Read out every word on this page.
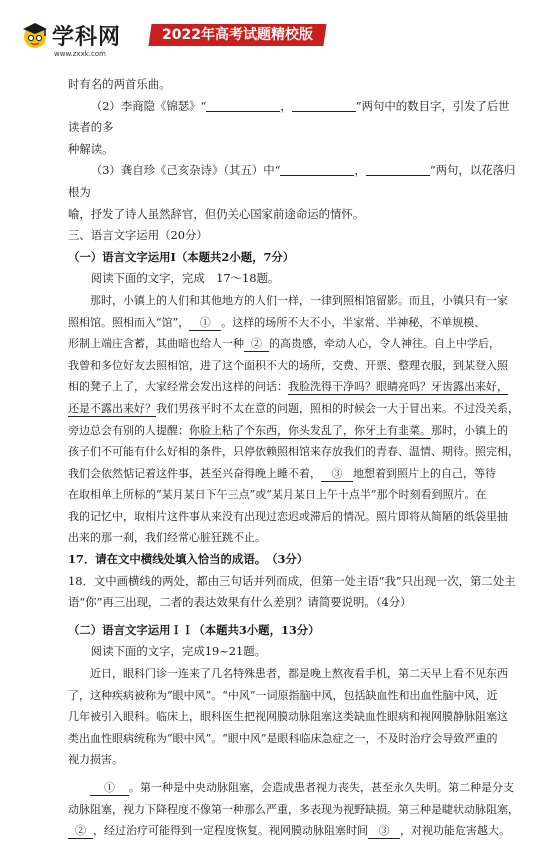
学科网
www.zxxk.com
2022年高考试题精校版

时有名的两首乐曲。

（2）李商隐《锦瑟》“	，	”两句中的数目字，引发了后世读者的多

种解读。

（3）龚自珍《己亥杂诗》（其五）中“	，	”两句，以花落归根为

喻，抒发了诗人虽然辞官，但仍关心国家前途命运的情怀。

三、语言文字运用（20分）

（一）语言文字运用Ⅰ（本题共2小题，7分）

阅读下面的文字，完成　17～18题。

那时，小镇上的人们和其他地方的人们一样，一律到照相馆留影。而且，小镇只有一家

照相馆。照相而入“馆”， ① 。这样的场所不大不小，半家常、半神秘，不单规模、

形制上端庄含蓄，其曲暗也给人一种 ② 的高贵感，牵动人心，令人神往。自上中学后，

我曾和多位好友去照相馆，进了这个面积不大的场所，交费、开票、整理衣服，到某登入照

相的凳子上了，大家经常会发出这样的问话：我脸洗得干净吗？眼睛亮吗？牙齿露出来好，

还是不露出来好？我们男孩平时不太在意的问题，照相的时候会一大于冒出来。不过没关系，

旁边总会有别的人提醒：你脸上粘了个东西，你头发乱了，你牙上有韭菜。那时，小镇上的

孩子们不可能有什么好相的条件，只停依赖照相馆来存放我们的青春、温情、期待。照完相，

我们会依然惦记着这件事，甚至兴奋得晚上睡不着， ③ 地想着到照片上的自己，等待

在取相单上所标的“某月某日下午三点”或“某月某日上午十点半”那个时刻看到照片。在

我的记忆中，取相片这件事从来没有出现过恋迟或滞后的情况。照片即将从简陋的纸袋里抽

出来的那一刹，我们经常心脏狂跳不止。

17．请在文中横线处填入恰当的成语。　（3分）

18．文中画横线的两处，都由三句话并列而成，但第一处主语“我”只出现一次，第二处主

语“你”再三出现，二者的表达效果有什么差别？请简要说明。（4分）

（二）语言文字运用ＩＩ（本题共3小题，13分）

阅读下面的文字，完成19~21题。

近日，眼科门诊一连来了几名特殊患者，都是晚上熬夜看手机，第二天早上看不见东西

了，这种疾病被称为“眼中风”。“中风”一词原指脑中风，包括缺血性和出血性脑中风，近

几年被引入眼科。临床上，眼科医生把视网膜动脉阻塞这类缺血性眼病和视网膜静脉阻塞这

类出血性眼病统称为“眼中风”。“眼中风”是眼科临床急症之一，不及时治疗会导致严重的

视力损害。

① 。第一种是中央动脉阻塞，会造成患者视力丧失，甚至永久失明。第二种是分支

动脉阻塞，视力下降程度不像第一种那么严重，多表现为视野缺损。第三种是睫状动脉阻塞，

② ，经过治疗可能得到一定程度恢复。视网膜动脉阻塞时间 ③ ，对视功能危害越大。
